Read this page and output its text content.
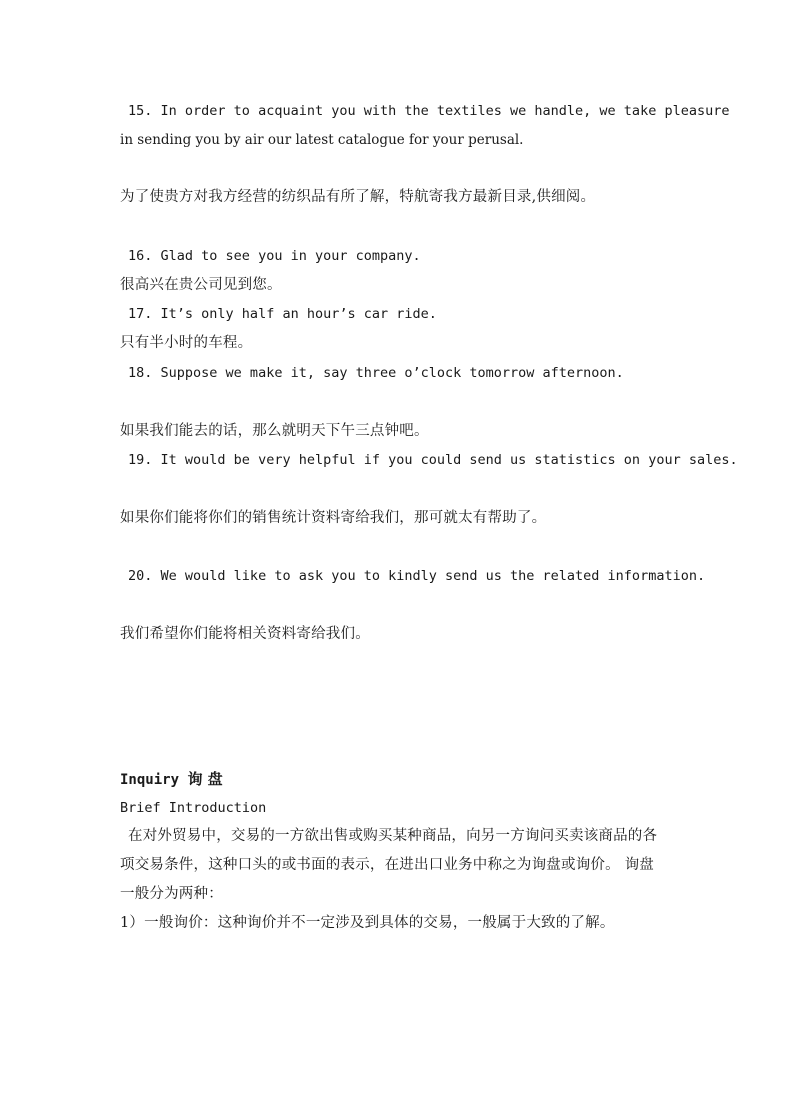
15. In order to acquaint you with the textiles we handle, we take pleasure
in sending you by air our latest catalogue for your perusal.
为了使贵方对我方经营的纺织品有所了解，特航寄我方最新目录,供细阅。
16. Glad to see you in your company.
很高兴在贵公司见到您。
17. It’s only half an hour’s car ride.
只有半小时的车程。
18. Suppose we make it, say three o’clock tomorrow afternoon.
如果我们能去的话，那么就明天下午三点钟吧。
19. It would be very helpful if you could send us statistics on your sales.
如果你们能将你们的销售统计资料寄给我们，那可就太有帮助了。
20. We would like to ask you to kindly send us the related information.
我们希望你们能将相关资料寄给我们。
Inquiry 询 盘
Brief Introduction
在对外贸易中，交易的一方欲出售或购买某种商品，向另一方询问买卖该商品的各
项交易条件，这种口头的或书面的表示，在进出口业务中称之为询盘或询价。 询盘
一般分为两种：
1）一般询价：这种询价并不一定涉及到具体的交易，一般属于大致的了解。
